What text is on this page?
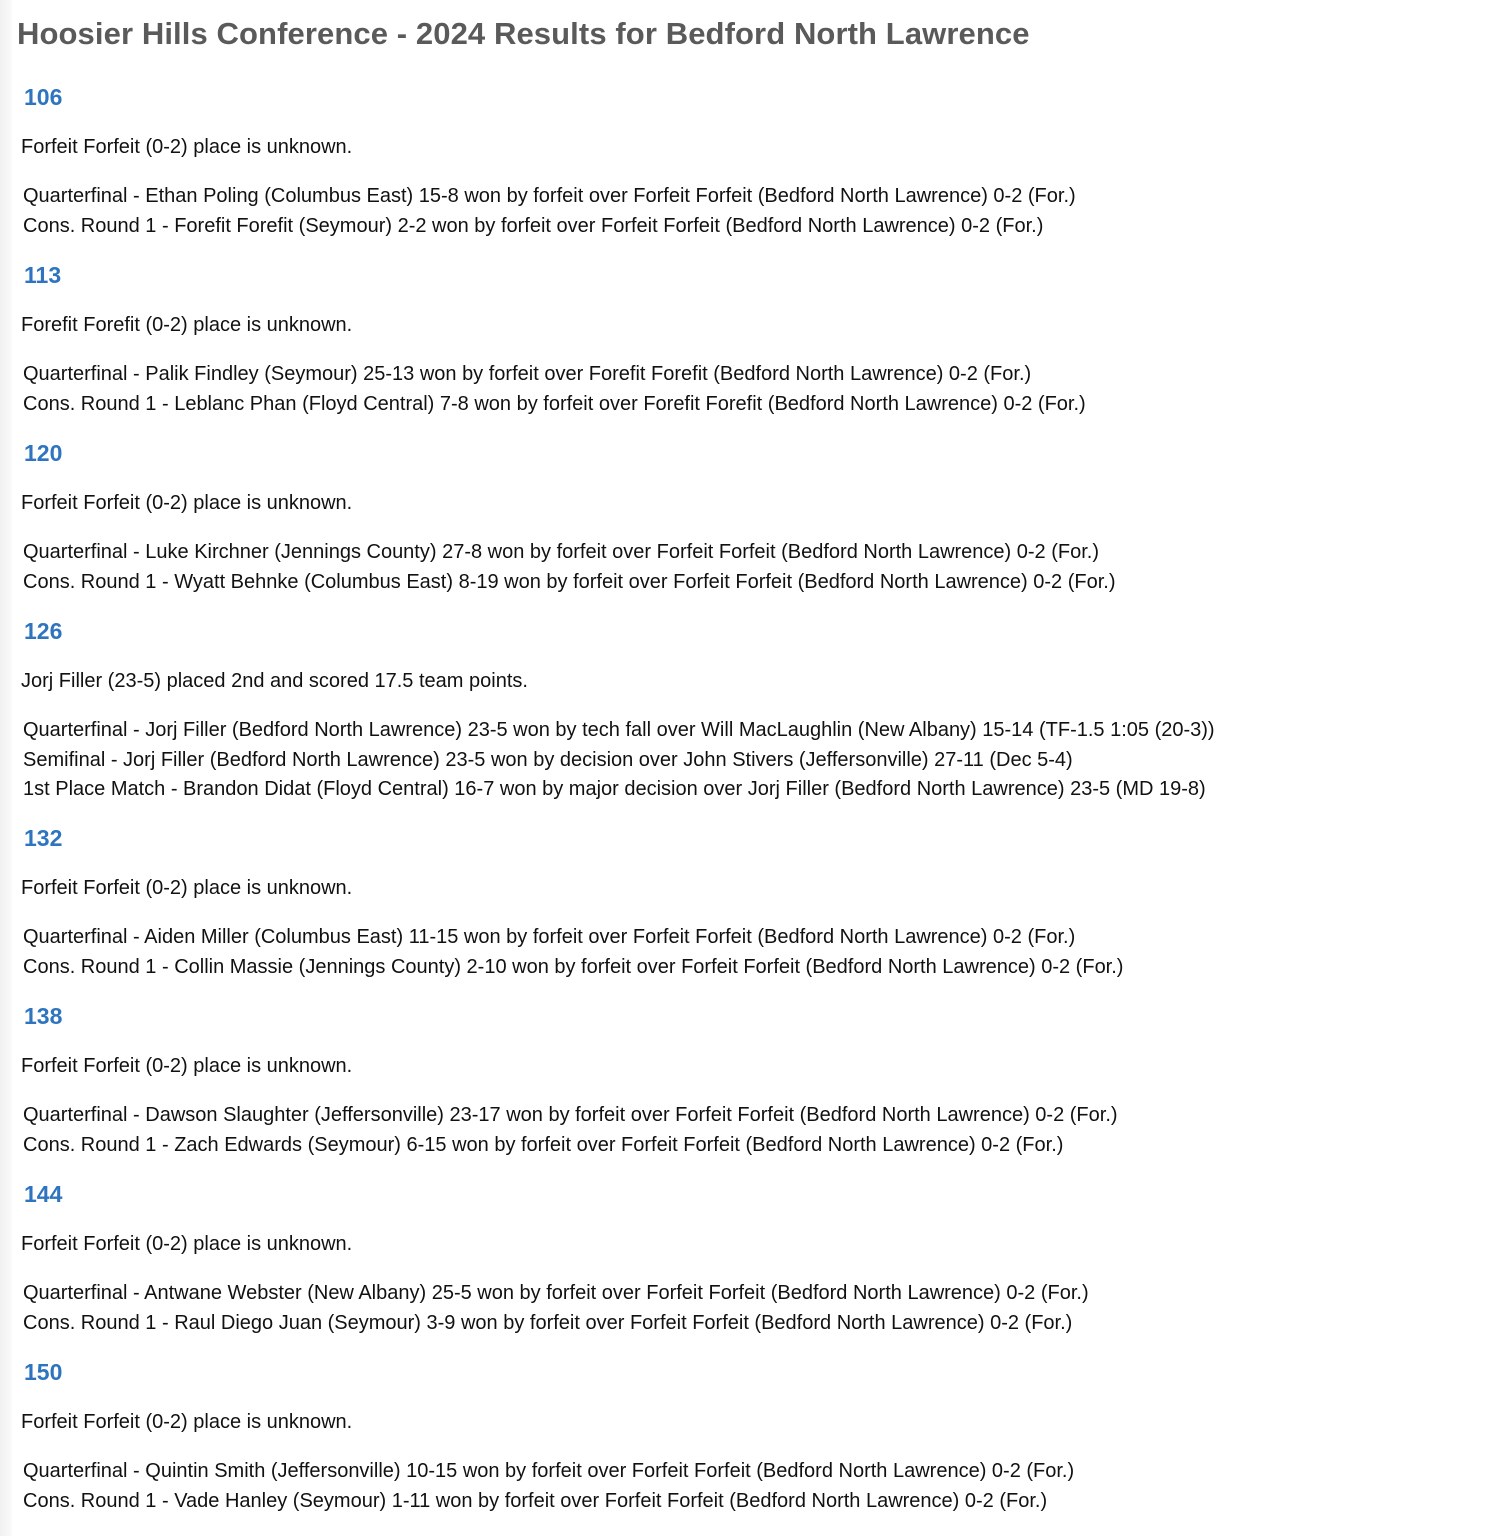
Hoosier Hills Conference - 2024 Results for Bedford North Lawrence
106
Forfeit Forfeit (0-2) place is unknown.
Quarterfinal - Ethan Poling (Columbus East) 15-8 won by forfeit over Forfeit Forfeit (Bedford North Lawrence) 0-2 (For.)
Cons. Round 1 - Forefit Forefit (Seymour) 2-2 won by forfeit over Forfeit Forfeit (Bedford North Lawrence) 0-2 (For.)
113
Forefit Forefit (0-2) place is unknown.
Quarterfinal - Palik Findley (Seymour) 25-13 won by forfeit over Forefit Forefit (Bedford North Lawrence) 0-2 (For.)
Cons. Round 1 - Leblanc Phan (Floyd Central) 7-8 won by forfeit over Forefit Forefit (Bedford North Lawrence) 0-2 (For.)
120
Forfeit Forfeit (0-2) place is unknown.
Quarterfinal - Luke Kirchner (Jennings County) 27-8 won by forfeit over Forfeit Forfeit (Bedford North Lawrence) 0-2 (For.)
Cons. Round 1 - Wyatt Behnke (Columbus East) 8-19 won by forfeit over Forfeit Forfeit (Bedford North Lawrence) 0-2 (For.)
126
Jorj Filler (23-5) placed 2nd and scored 17.5 team points.
Quarterfinal - Jorj Filler (Bedford North Lawrence) 23-5 won by tech fall over Will MacLaughlin (New Albany) 15-14 (TF-1.5 1:05 (20-3))
Semifinal - Jorj Filler (Bedford North Lawrence) 23-5 won by decision over John Stivers (Jeffersonville) 27-11 (Dec 5-4)
1st Place Match - Brandon Didat (Floyd Central) 16-7 won by major decision over Jorj Filler (Bedford North Lawrence) 23-5 (MD 19-8)
132
Forfeit Forfeit (0-2) place is unknown.
Quarterfinal - Aiden Miller (Columbus East) 11-15 won by forfeit over Forfeit Forfeit (Bedford North Lawrence) 0-2 (For.)
Cons. Round 1 - Collin Massie (Jennings County) 2-10 won by forfeit over Forfeit Forfeit (Bedford North Lawrence) 0-2 (For.)
138
Forfeit Forfeit (0-2) place is unknown.
Quarterfinal - Dawson Slaughter (Jeffersonville) 23-17 won by forfeit over Forfeit Forfeit (Bedford North Lawrence) 0-2 (For.)
Cons. Round 1 - Zach Edwards (Seymour) 6-15 won by forfeit over Forfeit Forfeit (Bedford North Lawrence) 0-2 (For.)
144
Forfeit Forfeit (0-2) place is unknown.
Quarterfinal - Antwane Webster (New Albany) 25-5 won by forfeit over Forfeit Forfeit (Bedford North Lawrence) 0-2 (For.)
Cons. Round 1 - Raul Diego Juan (Seymour) 3-9 won by forfeit over Forfeit Forfeit (Bedford North Lawrence) 0-2 (For.)
150
Forfeit Forfeit (0-2) place is unknown.
Quarterfinal - Quintin Smith (Jeffersonville) 10-15 won by forfeit over Forfeit Forfeit (Bedford North Lawrence) 0-2 (For.)
Cons. Round 1 - Vade Hanley (Seymour) 1-11 won by forfeit over Forfeit Forfeit (Bedford North Lawrence) 0-2 (For.)
